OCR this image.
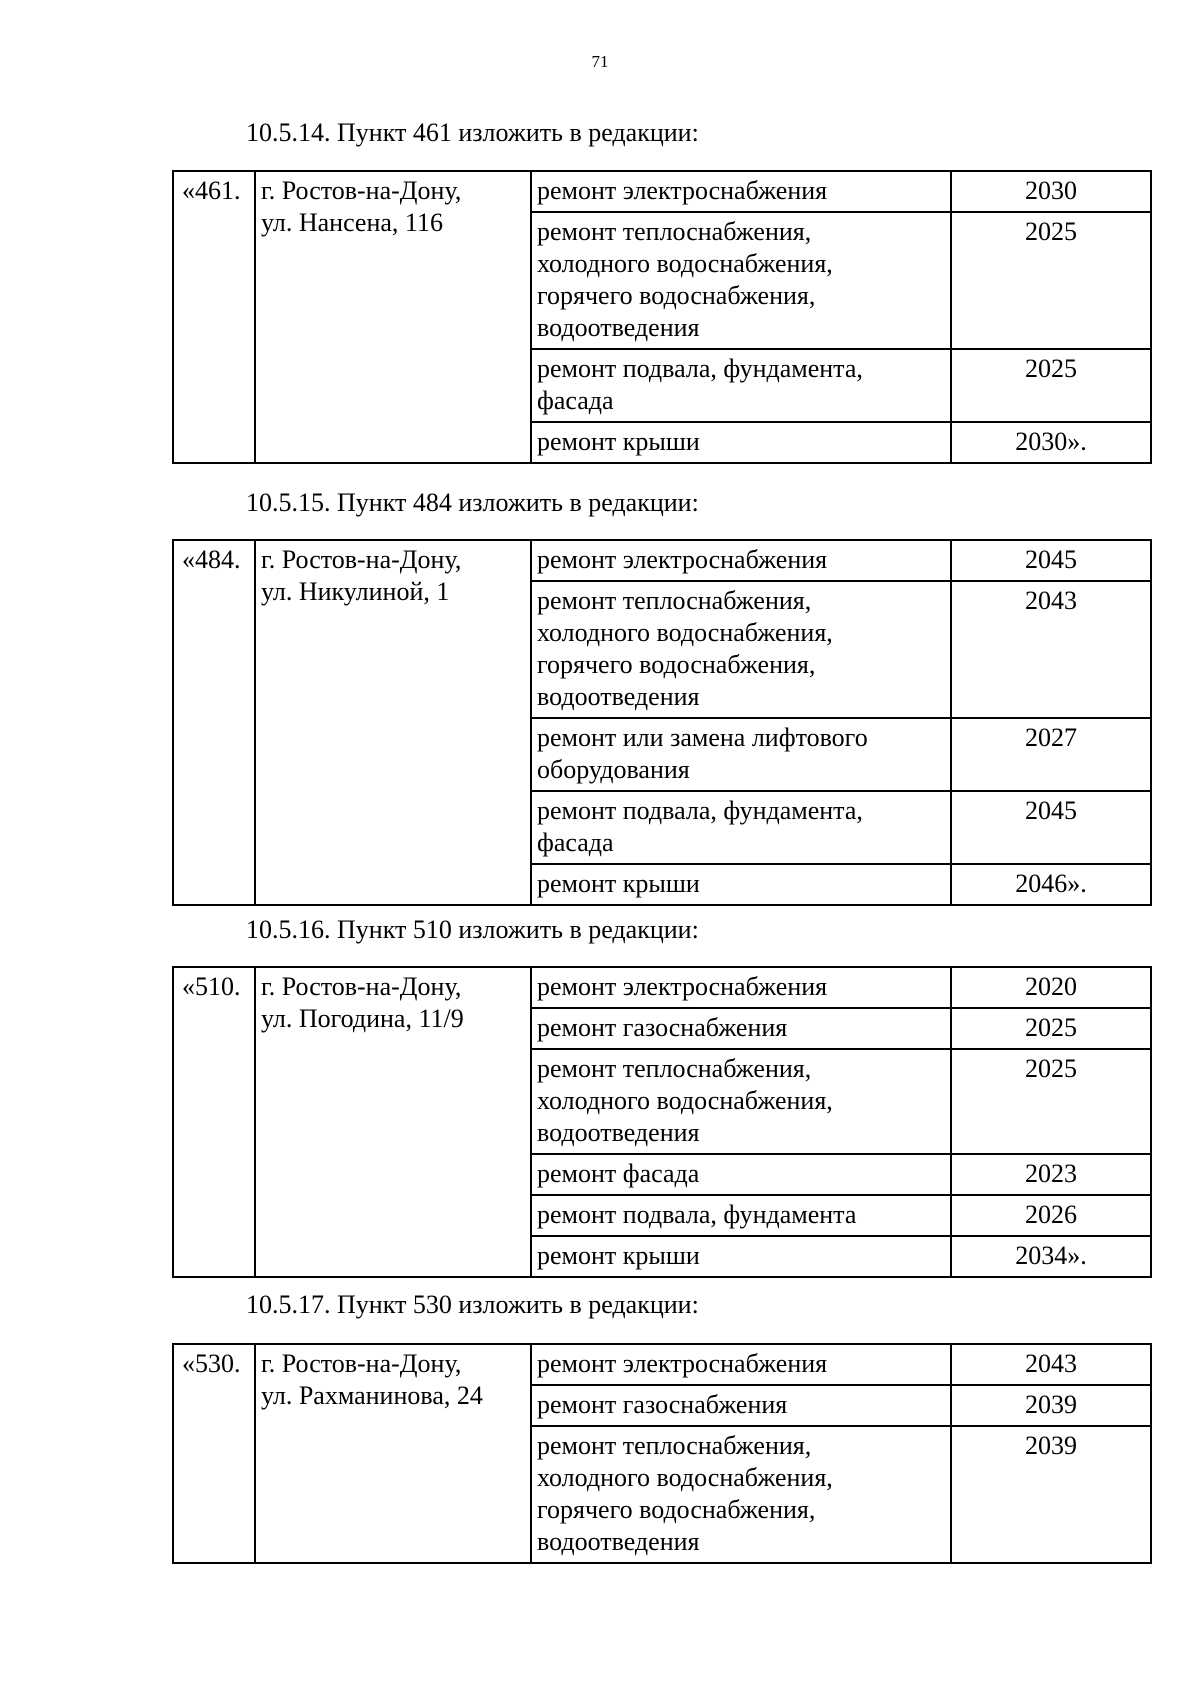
71
10.5.14. Пункт 461 изложить в редакции:
«461.	г. Ростов-на-Дону,
ул. Нансена, 116	ремонт электроснабжения	2030

		ремонт теплоснабжения,
холодного водоснабжения,
горячего водоснабжения,
водоотведения	2025

		ремонт подвала, фундамента,
фасада	2025

		ремонт крыши	2030».
10.5.15. Пункт 484 изложить в редакции:
«484.	г. Ростов-на-Дону,
ул. Никулиной, 1	ремонт электроснабжения	2045

		ремонт теплоснабжения,
холодного водоснабжения,
горячего водоснабжения,
водоотведения	2043

		ремонт или замена лифтового
оборудования	2027

		ремонт подвала, фундамента,
фасада	2045

		ремонт крыши	2046».
10.5.16. Пункт 510 изложить в редакции:
«510.	г. Ростов-на-Дону,
ул. Погодина, 11/9	ремонт электроснабжения	2020

		ремонт газоснабжения	2025

		ремонт теплоснабжения,
холодного водоснабжения,
водоотведения	2025

		ремонт фасада	2023

		ремонт подвала, фундамента	2026

		ремонт крыши	2034».
10.5.17. Пункт 530 изложить в редакции:
«530.	г. Ростов-на-Дону,
ул. Рахманинова, 24	ремонт электроснабжения	2043

		ремонт газоснабжения	2039

		ремонт теплоснабжения,
холодного водоснабжения,
горячего водоснабжения,
водоотведения	2039
